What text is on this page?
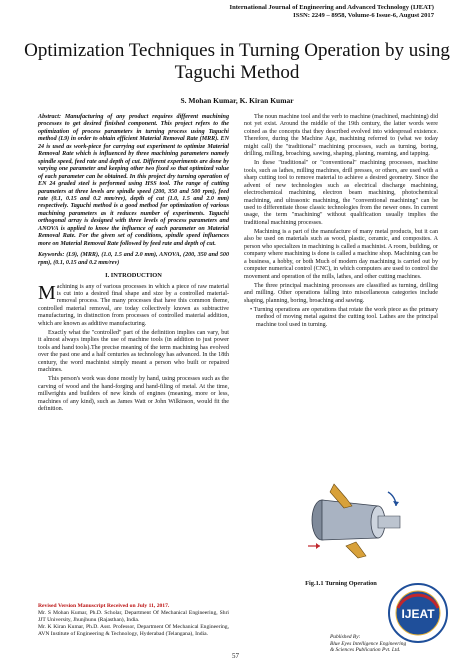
International Journal of Engineering and Advanced Technology (IJEAT)
ISSN: 2249 – 8958, Volume-6 Issue-6, August 2017
Optimization Techniques in Turning Operation by using Taguchi Method
S. Mohan Kumar, K. Kiran Kumar

Abstract: Manufacturing of any product requires different machining processes to get desired finished component. This project refers to the optimization of process parameters in turning process using Taguchi method (L9) in order to obtain efficient Material Removal Rate (MRR). EN 24 is used as work-piece for carrying out experiment to optimize Material Removal Rate which is influenced by three machining parameters namely spindle speed, feed rate and depth of cut. Different experiments are done by varying one parameter and keeping other two fixed so that optimized value of each parameter can be obtained. In this project dry turning operation of EN 24 graded steel is performed using HSS tool. The range of cutting parameters at three levels are spindle speed (200, 350 and 500 rpm), feed rate (0.1, 0.15 and 0.2 mm/rev), depth of cut (1.0, 1.5 and 2.0 mm) respectively. Taguchi method is a good method for optimization of various machining parameters as it reduces number of experiments. Taguchi orthogonal array is designed with three levels of process parameters and ANOVA is applied to know the influence of each parameter on Material Removal Rate. For the given set of conditions, spindle speed influences more on Material Removal Rate followed by feed rate and depth of cut.

Keywords: (L9), (MRR), (1.0, 1.5 and 2.0 mm), ANOVA, (200, 350 and 500 rpm), (0.1, 0.15 and 0.2 mm/rev)

I. INTRODUCTION

Machining is any of various processes in which a piece of raw material is cut into a desired final shape and size by a controlled material-removal process. The many processes that have this common theme, controlled material removal, are today collectively known as subtractive manufacturing, in distinction from processes of controlled material addition, which are known as additive manufacturing.

Exactly what the "controlled" part of the definition implies can vary, but it almost always implies the use of machine tools (in addition to just power tools and hand tools).The precise meaning of the term machining has evolved over the past one and a half centuries as technology has advanced. In the 18th century, the word machinist simply meant a person who built or repaired machines.

This person's work was done mostly by hand, using processes such as the carving of wood and the hand-forging and hand-filing of metal. At the time, millwrights and builders of new kinds of engines (meaning, more or less, machines of any kind), such as James Watt or John Wilkinson, would fit the definition.

The noun machine tool and the verb to machine (machined, machining) did not yet exist. Around the middle of the 19th century, the latter words were coined as the concepts that they described evolved into widespread existence. Therefore, during the Machine Age, machining referred to (what we today might call) the "traditional" machining processes, such as turning, boring, drilling, milling, broaching, sawing, shaping, planing, reaming, and tapping.

In these "traditional" or "conventional" machining processes, machine tools, such as lathes, milling machines, drill presses, or others, are used with a sharp cutting tool to remove material to achieve a desired geometry. Since the advent of new technologies such as electrical discharge machining, electrochemical machining, electron beam machining, photochemical machining, and ultrasonic machining, the "conventional machining" can be used to differentiate those classic technologies from the newer ones. In current usage, the term "machining" without qualification usually implies the traditional machining processes.

Machining is a part of the manufacture of many metal products, but it can also be used on materials such as wood, plastic, ceramic, and composites. A person who specializes in machining is called a machinist. A room, building, or company where machining is done is called a machine shop. Machining can be a business, a hobby, or both Much of modern day machining is carried out by computer numerical control (CNC), in which computers are used to control the movement and operation of the mills, lathes, and other cutting machines.

The three principal machining processes are classified as turning, drilling and milling. Other operations falling into miscellaneous categories include shaping, planning, boring, broaching and sawing.

• Turning operations are operations that rotate the work piece as the primary method of moving metal against the cutting tool. Lathes are the principal machine tool used in turning.

Fig.1.1 Turning Operation

Revised Version Manuscript Received on July 11, 2017.

Mr. S Mohan Kumar, Ph.D. Scholar, Department Of Mechanical Engineering, Shri JJT University, Jhunjhunu (Rajasthan), India.

Mr. K Kiran Kumar, Ph.D. Asst. Professor, Department Of Mechanical Engineering, AVN Institute of Engineering & Technology, Hyderabad (Telangana), India.

57
IJEAT
Published By:
Blue Eyes Intelligence Engineering
& Sciences Publication Pvt. Ltd.
